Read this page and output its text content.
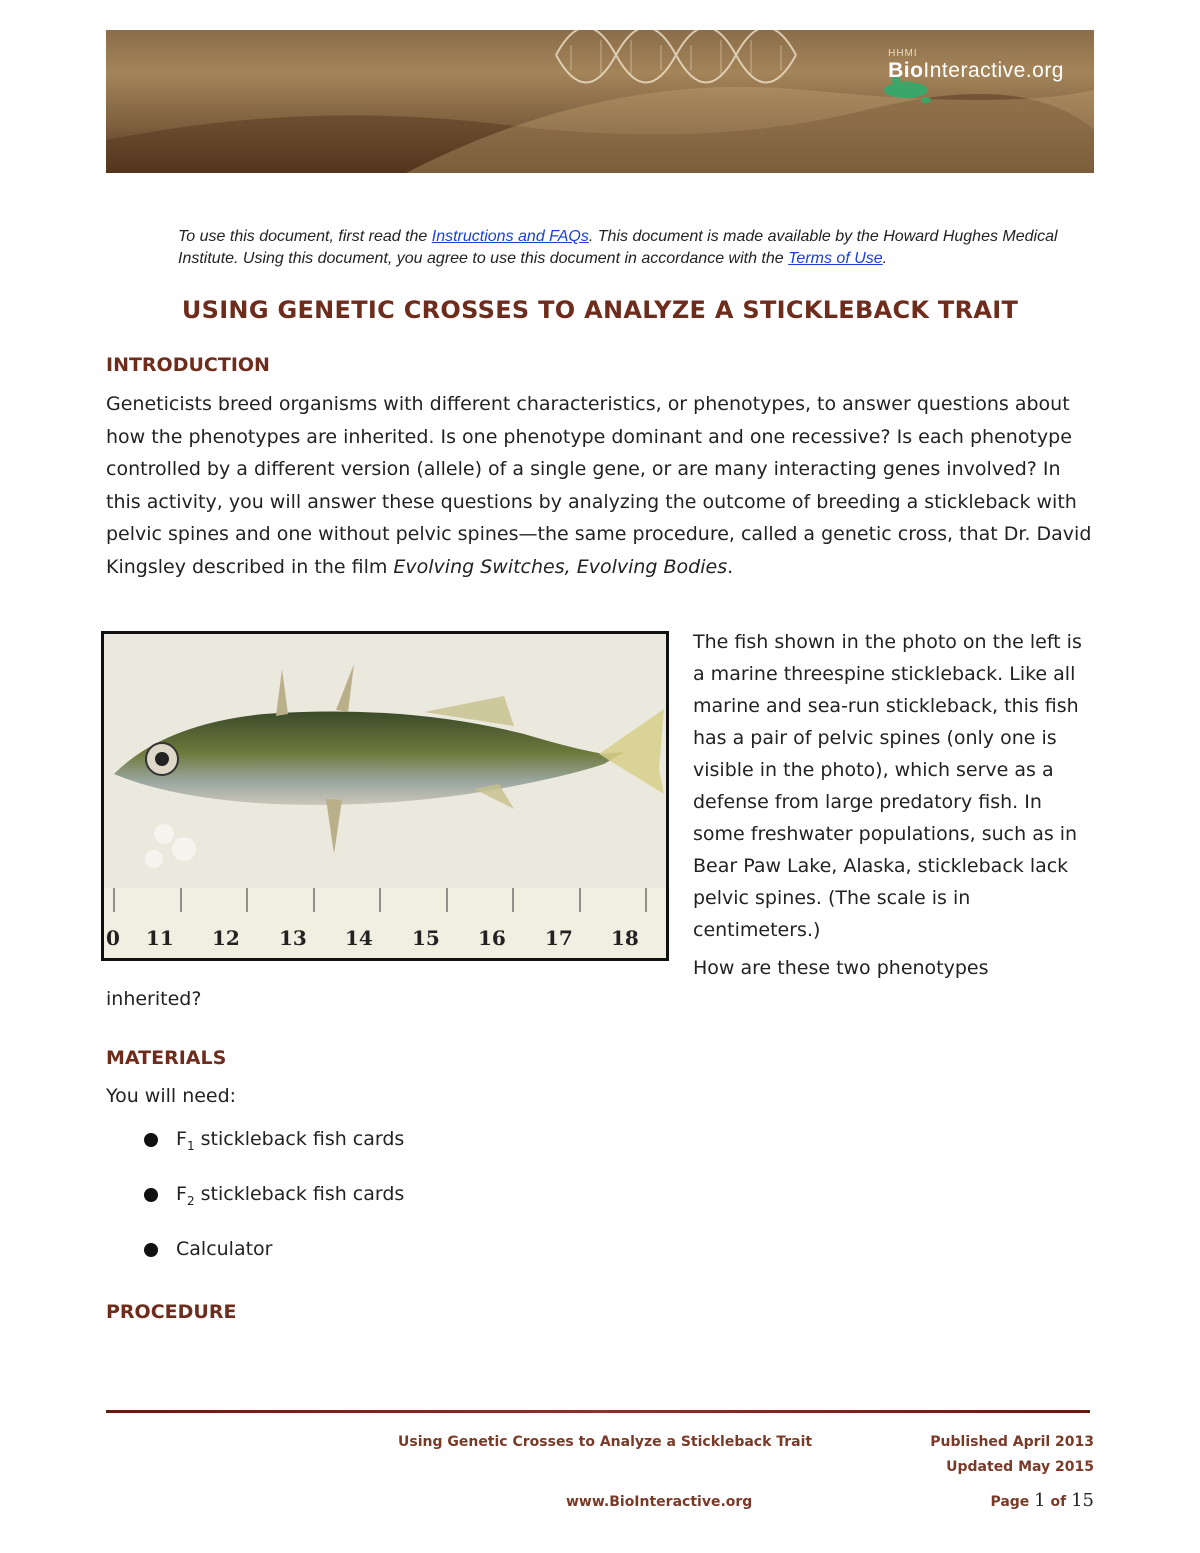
HHMI
BioInteractive.org
To use this document, first read the Instructions and FAQs. This document is made available by the Howard Hughes Medical Institute. Using this document, you agree to use this document in accordance with the Terms of Use.
USING GENETIC CROSSES TO ANALYZE A STICKLEBACK TRAIT
INTRODUCTION
Geneticists breed organisms with different characteristics, or phenotypes, to answer questions about how the phenotypes are inherited. Is one phenotype dominant and one recessive? Is each phenotype controlled by a different version (allele) of a single gene, or are many interacting genes involved? In this activity, you will answer these questions by analyzing the outcome of breeding a stickleback with pelvic spines and one without pelvic spines—the same procedure, called a genetic cross, that Dr. David Kingsley described in the film Evolving Switches, Evolving Bodies.
0 11 12 13 14 15 16 17 18
The fish shown in the photo on the left is a marine threespine stickleback. Like all marine and sea-run stickleback, this fish has a pair of pelvic spines (only one is visible in the photo), which serve as a defense from large predatory fish. In some freshwater populations, such as in Bear Paw Lake, Alaska, stickleback lack pelvic spines. (The scale is in centimeters.)
How are these two phenotypes
inherited?
MATERIALS
You will need:
$F_1$ stickleback fish cards
$F_2$ stickleback fish cards
Calculator
PROCEDURE
Using Genetic Crosses to Analyze a Stickleback Trait	Published April 2013
Updated May 2015
www.BioInteractive.org	Page 1 of 15
